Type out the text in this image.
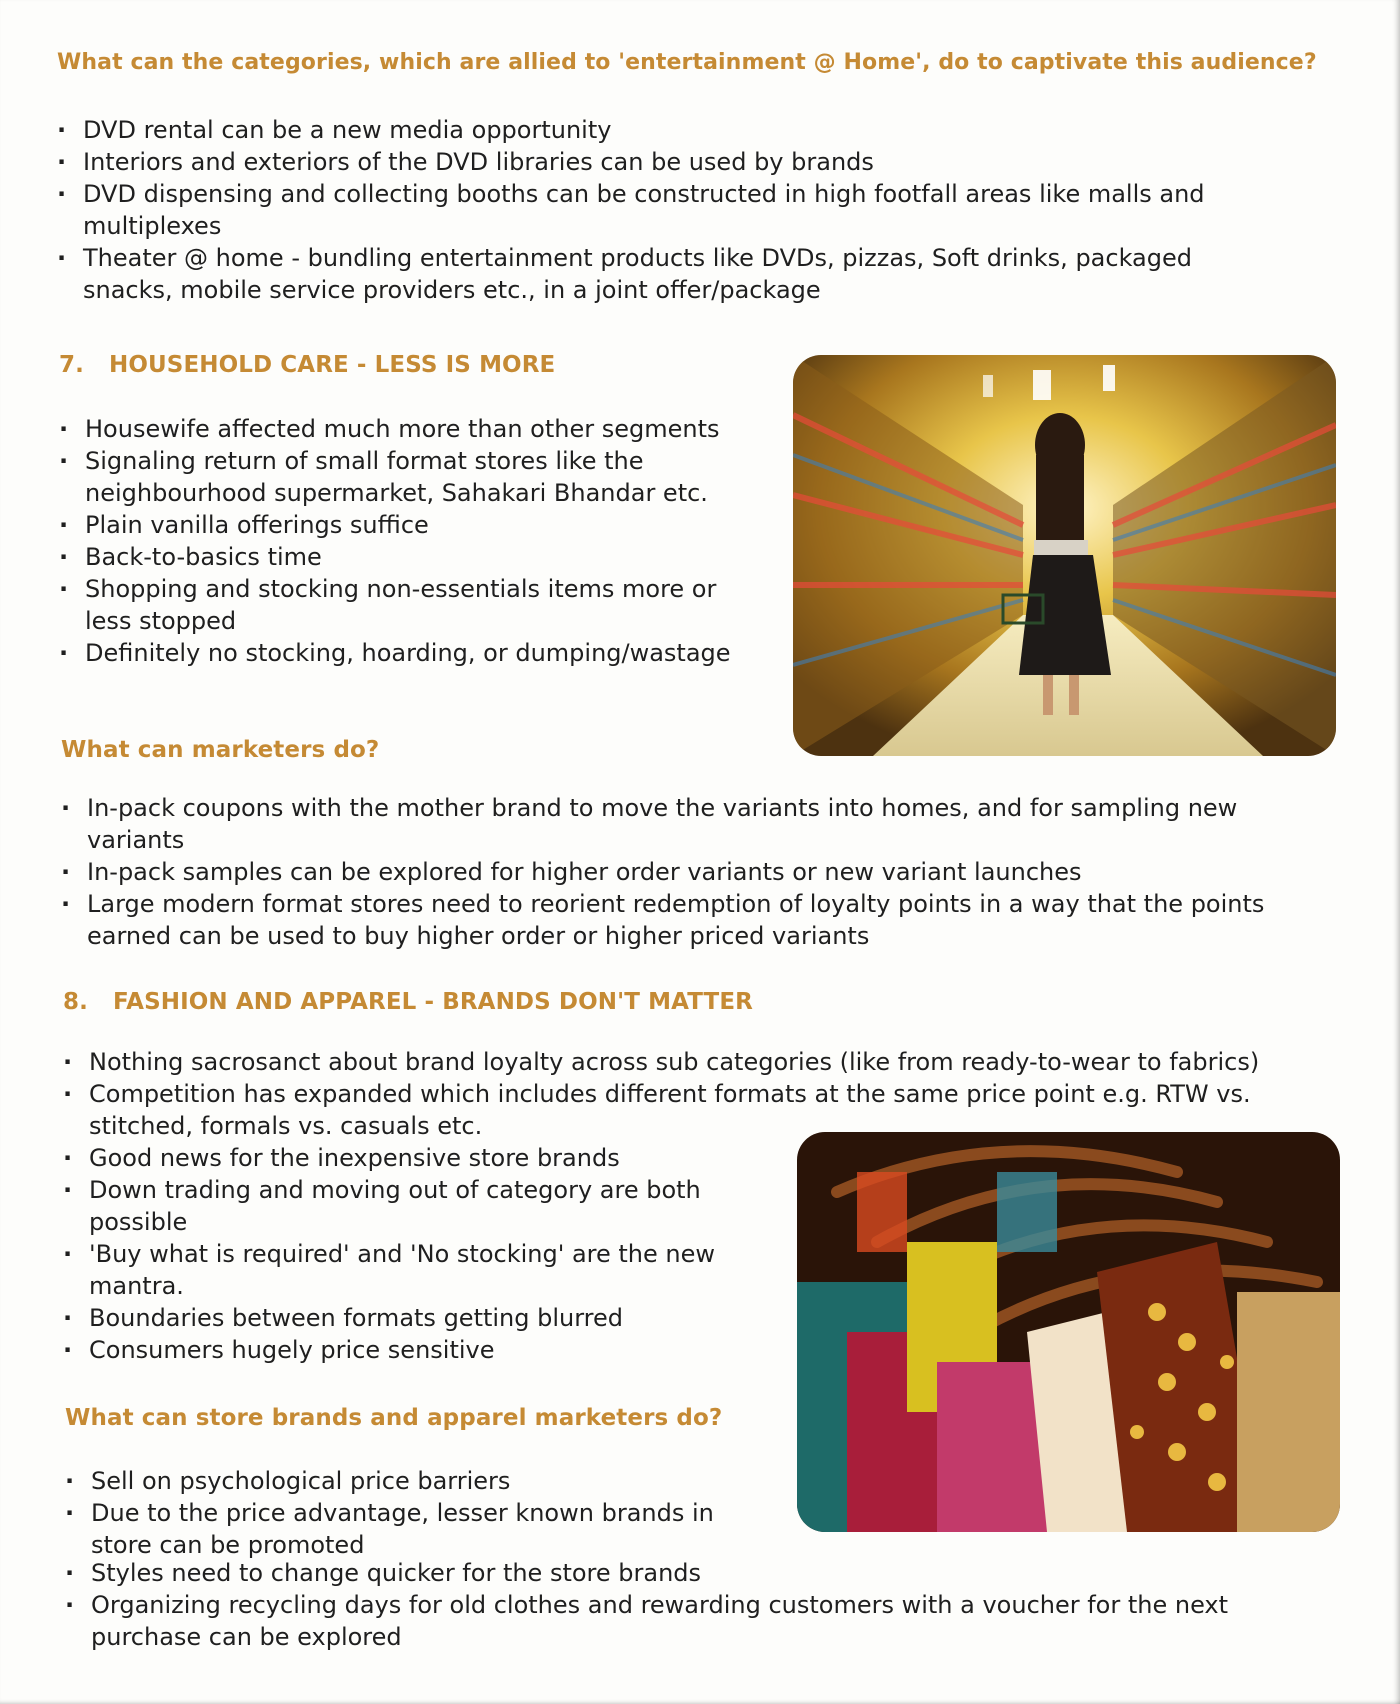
What can the categories, which are allied to 'entertainment @ Home', do to captivate this audience?
· DVD rental can be a new media opportunity
· Interiors and exteriors of the DVD libraries can be used by brands
· DVD dispensing and collecting booths can be constructed in high footfall areas like malls and multiplexes
· Theater @ home - bundling entertainment products like DVDs, pizzas, Soft drinks, packaged snacks, mobile service providers etc., in a joint offer/package
7. HOUSEHOLD CARE - LESS IS MORE
· Housewife affected much more than other segments
· Signaling return of small format stores like the neighbourhood supermarket, Sahakari Bhandar etc.
· Plain vanilla offerings suffice
· Back-to-basics time
· Shopping and stocking non-essentials items more or less stopped
· Definitely no stocking, hoarding, or dumping/wastage
What can marketers do?
· In-pack coupons with the mother brand to move the variants into homes, and for sampling new variants
· In-pack samples can be explored for higher order variants or new variant launches
· Large modern format stores need to reorient redemption of loyalty points in a way that the points earned can be used to buy higher order or higher priced variants
8. FASHION AND APPAREL - BRANDS DON'T MATTER
· Nothing sacrosanct about brand loyalty across sub categories (like from ready-to-wear to fabrics)
· Competition has expanded which includes different formats at the same price point e.g. RTW vs. stitched, formals vs. casuals etc.
· Good news for the inexpensive store brands
· Down trading and moving out of category are both possible
· 'Buy what is required' and 'No stocking' are the new mantra.
· Boundaries between formats getting blurred
· Consumers hugely price sensitive
What can store brands and apparel marketers do?
· Sell on psychological price barriers
· Due to the price advantage, lesser known brands in store can be promoted
· Styles need to change quicker for the store brands
· Organizing recycling days for old clothes and rewarding customers with a voucher for the next purchase can be explored
